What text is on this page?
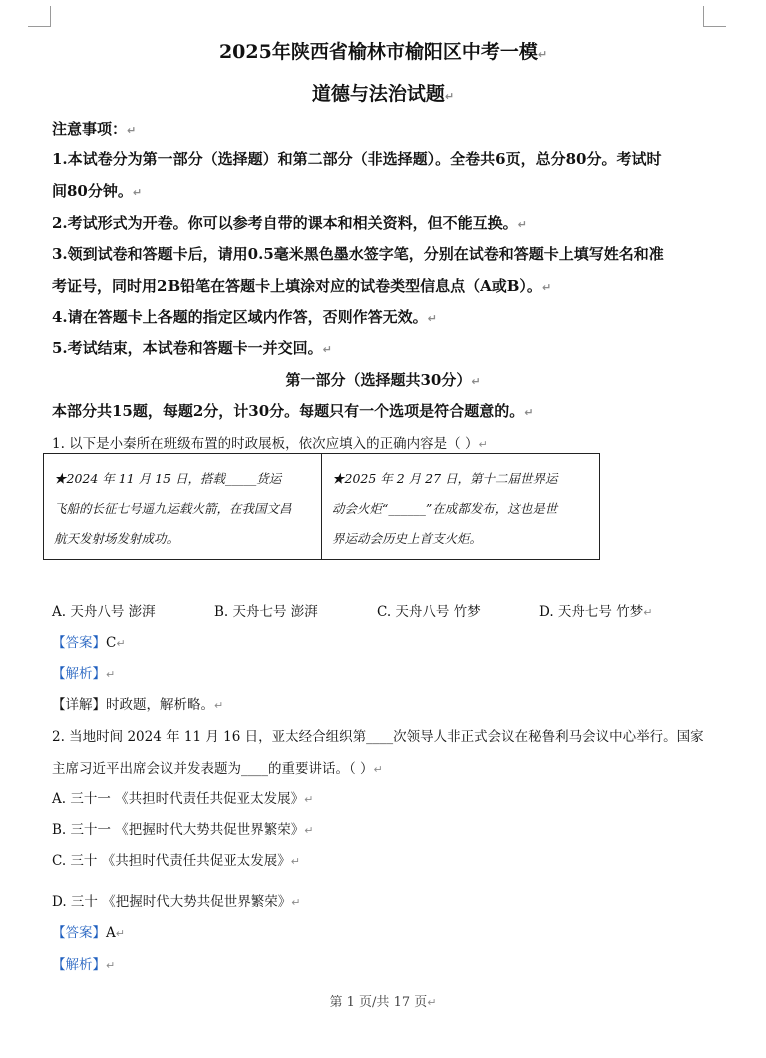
2025年陕西省榆林市榆阳区中考一模↵
道德与法治试题↵
注意事项：↵
1.本试卷分为第一部分（选择题）和第二部分（非选择题）。全卷共6页，总分80分。考试时
间80分钟。↵
2.考试形式为开卷。你可以参考自带的课本和相关资料，但不能互换。↵
3.领到试卷和答题卡后，请用0.5毫米黑色墨水签字笔，分别在试卷和答题卡上填写姓名和准
考证号，同时用2B铅笔在答题卡上填涂对应的试卷类型信息点（A或B）。↵
4.请在答题卡上各题的指定区域内作答，否则作答无效。↵
5.考试结束，本试卷和答题卡一并交回。↵
第一部分（选择题共30分）↵
本部分共15题，每题2分，计30分。每题只有一个选项是符合题意的。↵
1. 以下是小秦所在班级布置的时政展板，依次应填入的正确内容是（ ）↵
★2024 年 11 月 15 日，搭载_____货运
飞船的长征七号遥九运载火箭，在我国文昌
航天发射场发射成功。
★2025 年 2 月 27 日，第十二届世界运
动会火炬“______”在成都发布，这也是世
界运动会历史上首支火炬。
A. 天舟八号 澎湃	B. 天舟七号 澎湃	C. 天舟八号 竹梦	D. 天舟七号 竹梦↵
【答案】C↵
【解析】↵
【详解】时政题，解析略。↵
2. 当地时间 2024 年 11 月 16 日，亚太经合组织第____次领导人非正式会议在秘鲁利马会议中心举行。国家
主席习近平出席会议并发表题为____的重要讲话。（ ）↵
A. 三十一 《共担时代责任共促亚太发展》↵
B. 三十一 《把握时代大势共促世界繁荣》↵
C. 三十 《共担时代责任共促亚太发展》↵
D. 三十 《把握时代大势共促世界繁荣》↵
【答案】A↵
【解析】↵
第 1 页/共 17 页↵
